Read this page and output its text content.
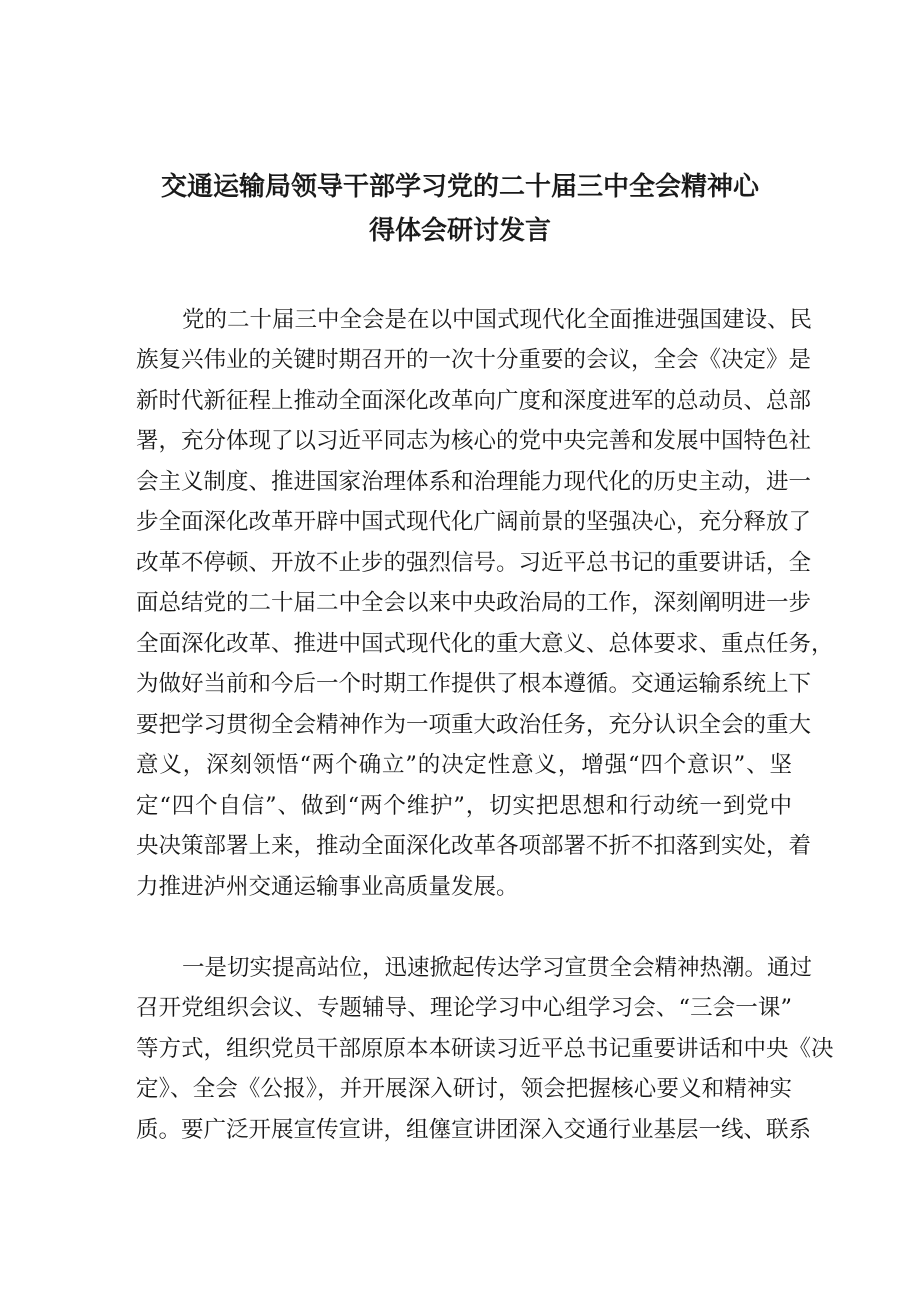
交通运输局领导干部学习党的二十届三中全会精神心
得体会研讨发言
党的二十届三中全会是在以中国式现代化全面推进强国建设、民
族复兴伟业的关键时期召开的一次十分重要的会议，全会《决定》是
新时代新征程上推动全面深化改革向广度和深度进军的总动员、总部
署，充分体现了以习近平同志为核心的党中央完善和发展中国特色社
会主义制度、推进国家治理体系和治理能力现代化的历史主动，进一
步全面深化改革开辟中国式现代化广阔前景的坚强决心，充分释放了
改革不停顿、开放不止步的强烈信号。习近平总书记的重要讲话，全
面总结党的二十届二中全会以来中央政治局的工作，深刻阐明进一步
全面深化改革、推进中国式现代化的重大意义、总体要求、重点任务，
为做好当前和今后一个时期工作提供了根本遵循。交通运输系统上下
要把学习贯彻全会精神作为一项重大政治任务，充分认识全会的重大
意义，深刻领悟“两个确立”的决定性意义，增强“四个意识”、坚
定“四个自信”、做到“两个维护”，切实把思想和行动统一到党中
央决策部署上来，推动全面深化改革各项部署不折不扣落到实处，着
力推进泸州交通运输事业高质量发展。
一是切实提高站位，迅速掀起传达学习宣贯全会精神热潮。通过
召开党组织会议、专题辅导、理论学习中心组学习会、“三会一课”
等方式，组织党员干部原原本本研读习近平总书记重要讲话和中央《决
定》、全会《公报》，并开展深入研讨，领会把握核心要义和精神实
质。要广泛开展宣传宣讲，组僿宣讲团深入交通行业基层一线、联系
